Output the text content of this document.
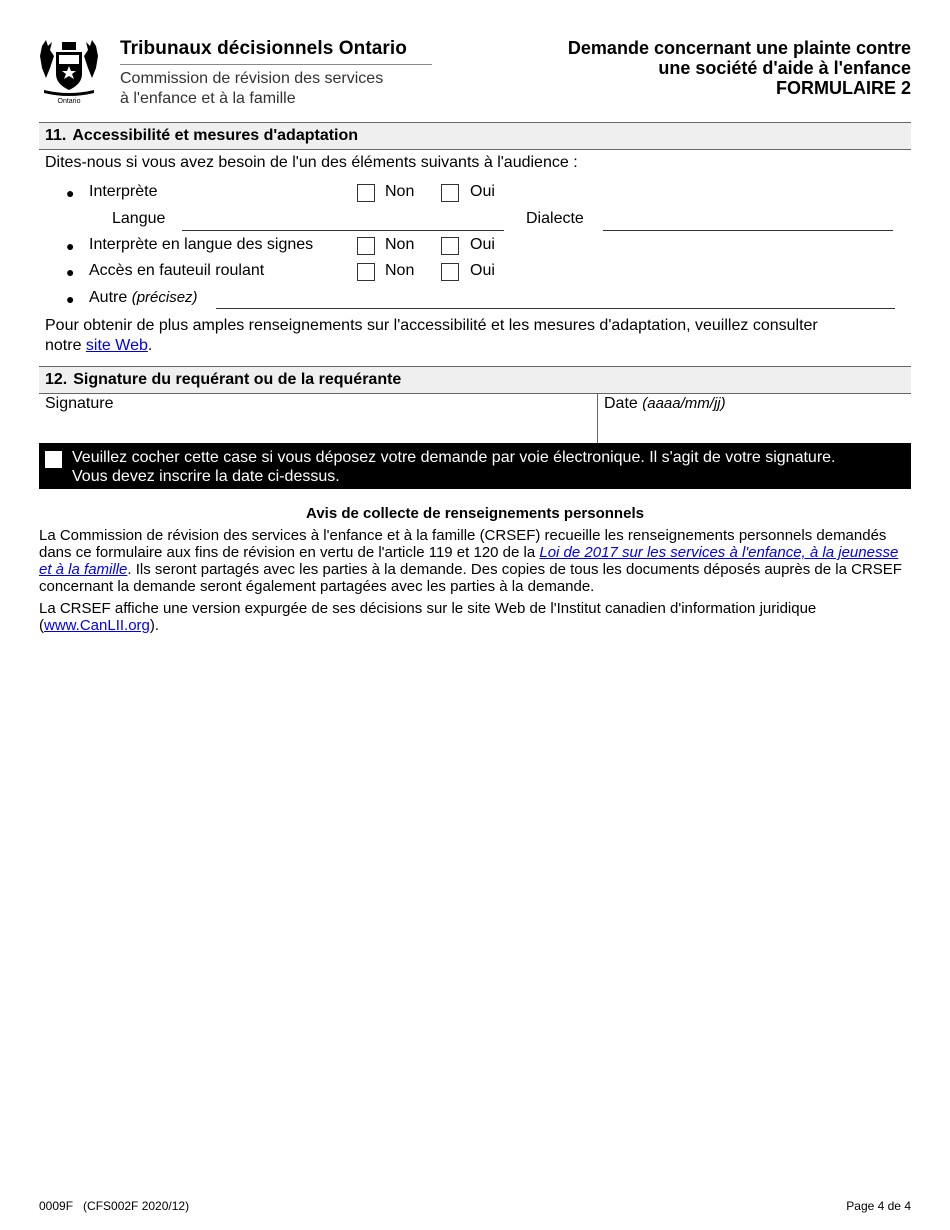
Ontario
Tribunaux décisionnels Ontario
Commission de révision des services
à l'enfance et à la famille
Demande concernant une plainte contre
une société d'aide à l'enfance
FORMULAIRE 2
11. Accessibilité et mesures d'adaptation
Dites-nous si vous avez besoin de l'un des éléments suivants à l'audience :
● Interprète	Non	Oui
Langue	Dialecte
● Interprète en langue des signes	Non	Oui
● Accès en fauteuil roulant	Non	Oui
● Autre (précisez)
Pour obtenir de plus amples renseignements sur l'accessibilité et les mesures d'adaptation, veuillez consulter
notre site Web.
12. Signature du requérant ou de la requérante
Signature	Date (aaaa/mm/jj)
Veuillez cocher cette case si vous déposez votre demande par voie électronique. Il s'agit de votre signature.
Vous devez inscrire la date ci-dessus.
Avis de collecte de renseignements personnels
La Commission de révision des services à l'enfance et à la famille (CRSEF) recueille les renseignements personnels demandés dans ce formulaire aux fins de révision en vertu de l'article 119 et 120 de la Loi de 2017 sur les services à l'enfance, à la jeunesse et à la famille. Ils seront partagés avec les parties à la demande. Des copies de tous les documents déposés auprès de la CRSEF concernant la demande seront également partagées avec les parties à la demande.
La CRSEF affiche une version expurgée de ses décisions sur le site Web de l'Institut canadien d'information juridique (www.CanLII.org).
0009F   (CFS002F 2020/12)	Page 4 de 4
